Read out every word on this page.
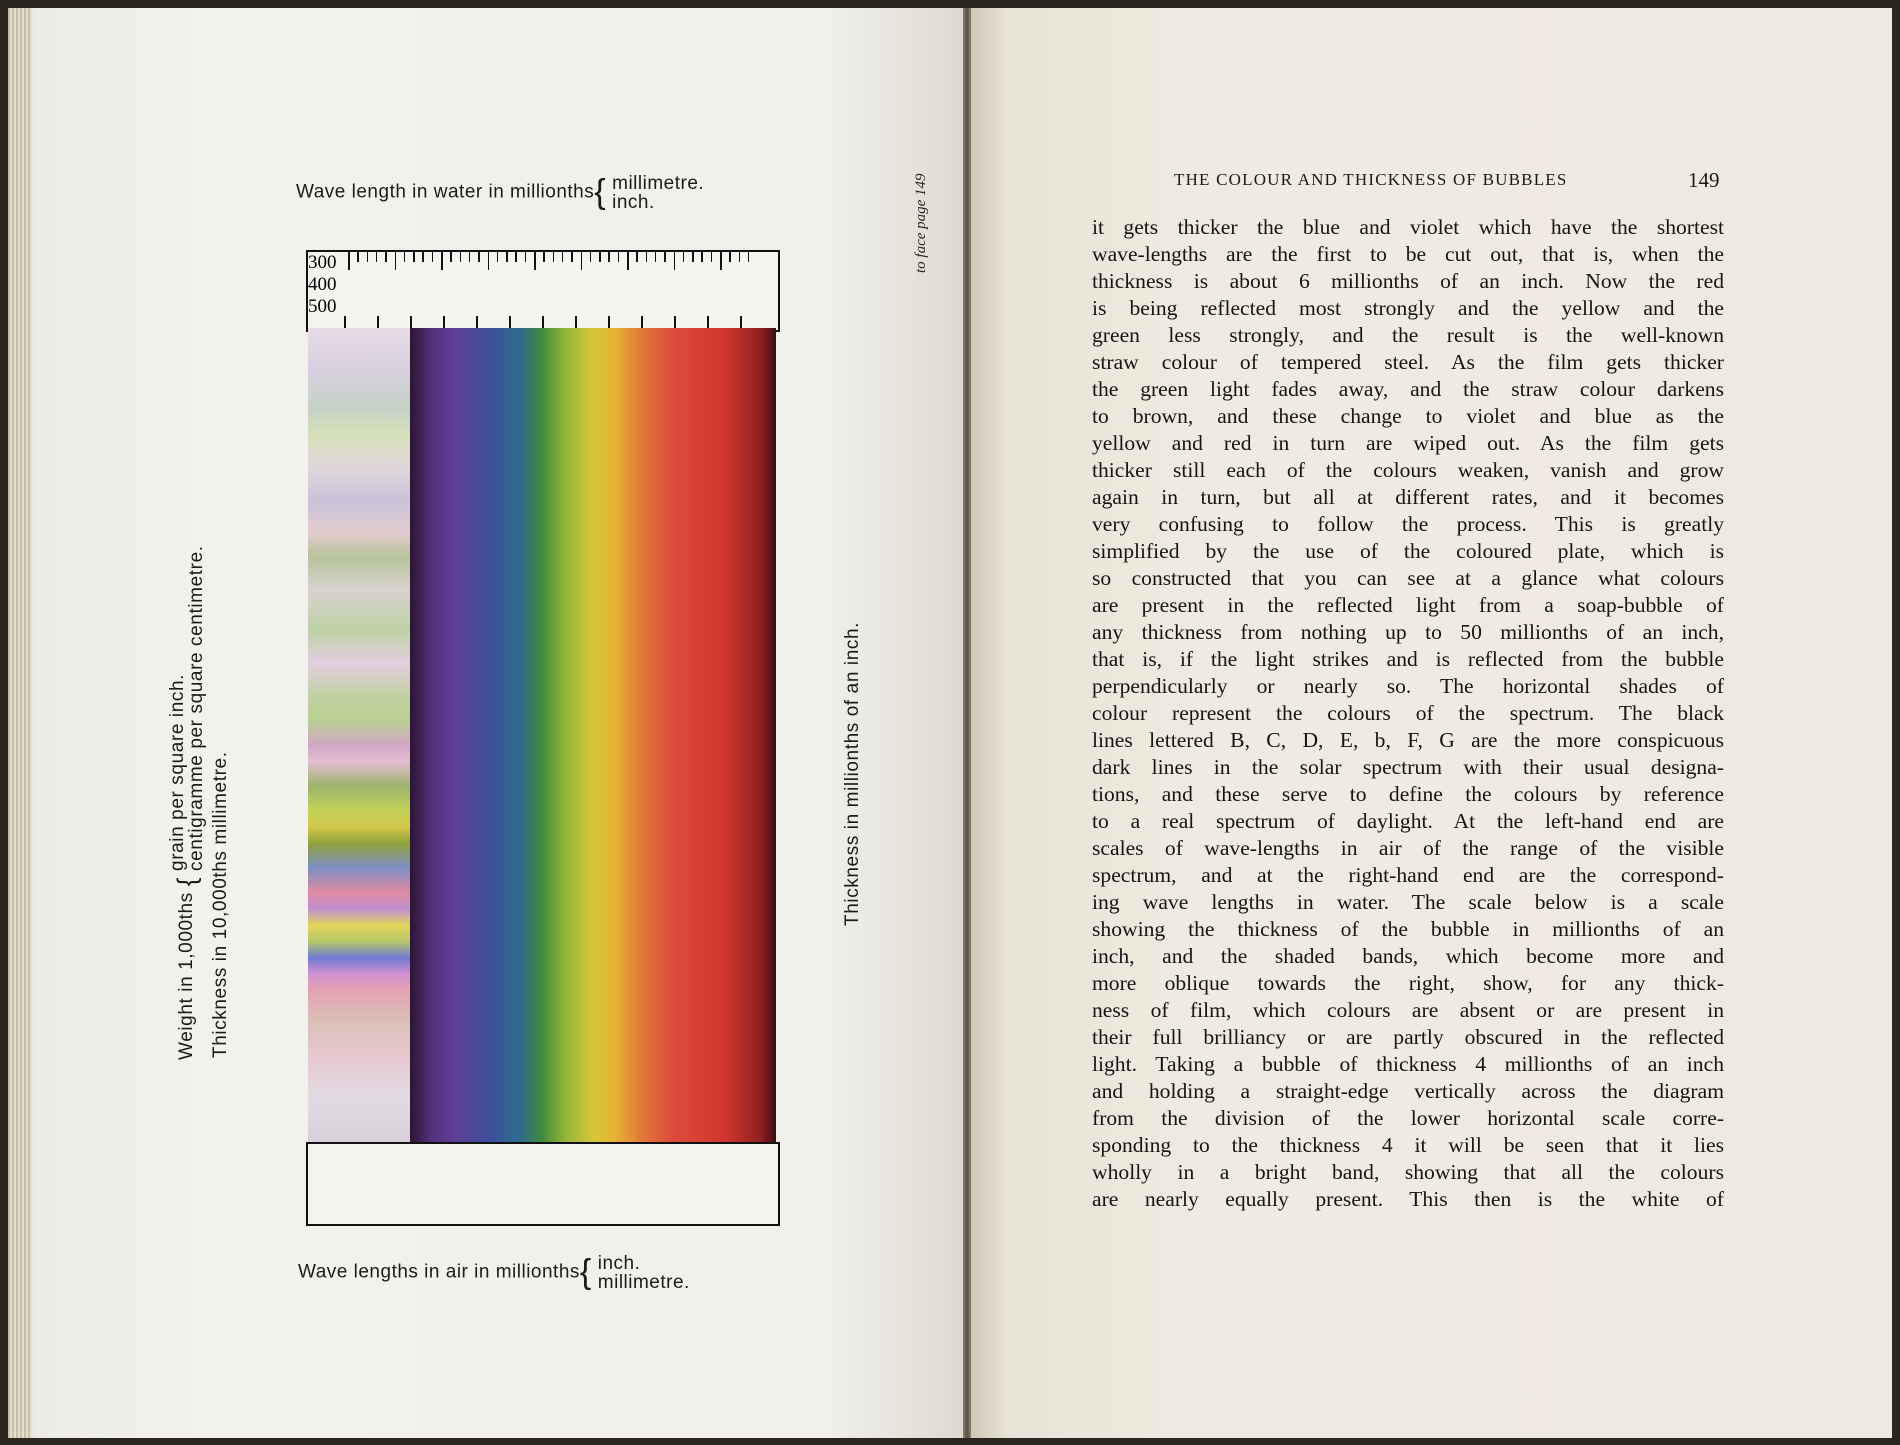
Wave length in water in millionths{ millimetre.
inch.
300
400
500
Wave lengths in air in millionths{ inch.
millimetre.
Weight in 1,000ths {
grain per square inch.
centigramme per square centimetre.
Thickness in 10,000ths millimetre.	Thickness in millionths of an inch.
to face page 149	THE COLOUR AND THICKNESS OF BUBBLES	149
it gets thicker the blue and violet which have the shortest
wave-lengths are the first to be cut out, that is, when the
thickness is about 6 millionths of an inch. Now the red
is being reflected most strongly and the yellow and the
green less strongly, and the result is the well-known
straw colour of tempered steel. As the film gets thicker
the green light fades away, and the straw colour darkens
to brown, and these change to violet and blue as the
yellow and red in turn are wiped out. As the film gets
thicker still each of the colours weaken, vanish and grow
again in turn, but all at different rates, and it becomes
very confusing to follow the process. This is greatly
simplified by the use of the coloured plate, which is
so constructed that you can see at a glance what colours
are present in the reflected light from a soap-bubble of
any thickness from nothing up to 50 millionths of an inch,
that is, if the light strikes and is reflected from the bubble
perpendicularly or nearly so. The horizontal shades of
colour represent the colours of the spectrum. The black
lines lettered B, C, D, E, b, F, G are the more conspicuous
dark lines in the solar spectrum with their usual designa-
tions, and these serve to define the colours by reference
to a real spectrum of daylight. At the left-hand end are
scales of wave-lengths in air of the range of the visible
spectrum, and at the right-hand end are the correspond-
ing wave lengths in water. The scale below is a scale
showing the thickness of the bubble in millionths of an
inch, and the shaded bands, which become more and
more oblique towards the right, show, for any thick-
ness of film, which colours are absent or are present in
their full brilliancy or are partly obscured in the reflected
light. Taking a bubble of thickness 4 millionths of an inch
and holding a straight-edge vertically across the diagram
from the division of the lower horizontal scale corre-
sponding to the thickness 4 it will be seen that it lies
wholly in a bright band, showing that all the colours
are nearly equally present. This then is the white of
